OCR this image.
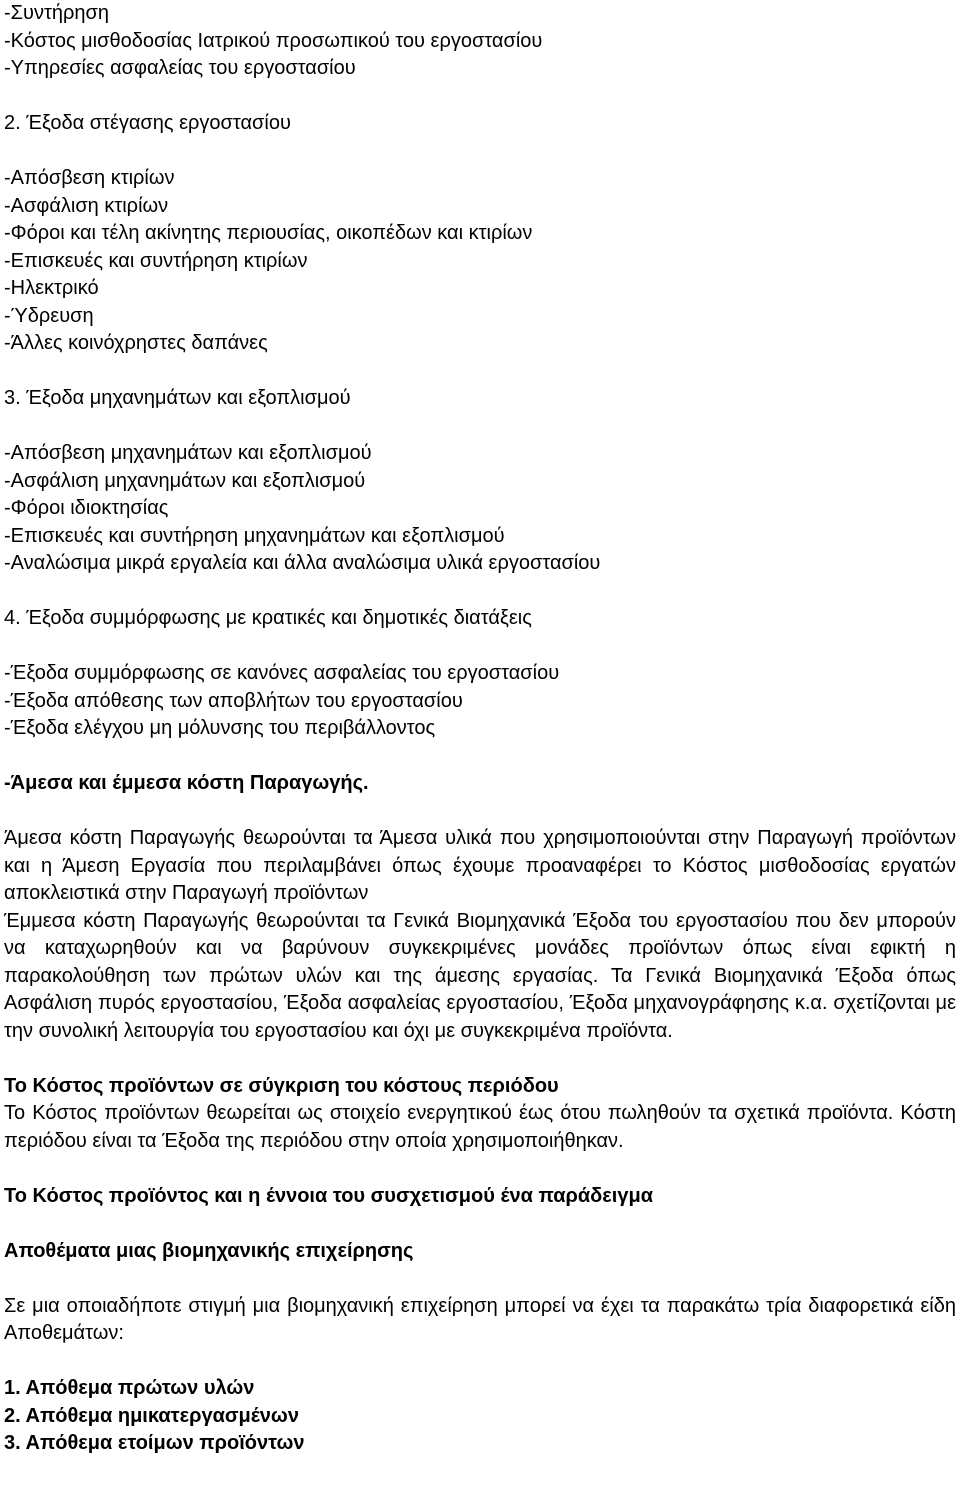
-Συντήρηση
-Κόστος μισθοδοσίας Ιατρικού προσωπικού του εργοστασίου
-Υπηρεσίες ασφαλείας του εργοστασίου
2. Έξοδα στέγασης εργοστασίου
-Απόσβεση κτιρίων
-Ασφάλιση κτιρίων
-Φόροι και τέλη ακίνητης περιουσίας, οικοπέδων και κτιρίων
-Επισκευές και συντήρηση κτιρίων
-Ηλεκτρικό
-Ύδρευση
-Άλλες κοινόχρηστες δαπάνες
3. Έξοδα μηχανημάτων και εξοπλισμού
-Απόσβεση μηχανημάτων και εξοπλισμού
-Ασφάλιση μηχανημάτων και εξοπλισμού
-Φόροι ιδιοκτησίας
-Επισκευές και συντήρηση μηχανημάτων και εξοπλισμού
-Αναλώσιμα μικρά εργαλεία και άλλα αναλώσιμα υλικά εργοστασίου
4. Έξοδα συμμόρφωσης με κρατικές και δημοτικές διατάξεις
-Έξοδα συμμόρφωσης σε κανόνες ασφαλείας του εργοστασίου
-Έξοδα απόθεσης των αποβλήτων του εργοστασίου
-Έξοδα ελέγχου μη μόλυνσης του περιβάλλοντος
-Άμεσα και έμμεσα κόστη Παραγωγής.

Άμεσα κόστη Παραγωγής θεωρούνται τα Άμεσα υλικά που χρησιμοποιούνται στην Παραγωγή προϊόντων και η Άμεση Εργασία που περιλαμβάνει όπως έχουμε προαναφέρει το Κόστος μισθοδοσίας εργατών αποκλειστικά στην Παραγωγή προϊόντων

Έμμεσα κόστη Παραγωγής θεωρούνται τα Γενικά Βιομηχανικά Έξοδα του εργοστασίου που δεν μπορούν να καταχωρηθούν και να βαρύνουν συγκεκριμένες μονάδες προϊόντων όπως είναι εφικτή η παρακολούθηση των πρώτων υλών και της άμεσης εργασίας. Τα Γενικά Βιομηχανικά Έξοδα όπως Ασφάλιση πυρός εργοστασίου, Έξοδα ασφαλείας εργοστασίου, Έξοδα μηχανογράφησης κ.α. σχετίζονται με την συνολική λειτουργία του εργοστασίου και όχι με συγκεκριμένα προϊόντα.

Το Κόστος προϊόντων σε σύγκριση του κόστους περιόδου

Το Κόστος προϊόντων θεωρείται ως στοιχείο ενεργητικού έως ότου πωληθούν τα σχετικά προϊόντα. Κόστη περιόδου είναι τα Έξοδα της περιόδου στην οποία χρησιμοποιήθηκαν.

Το Κόστος προϊόντος και η έννοια του συσχετισμού ένα παράδειγμα
Αποθέματα μιας βιομηχανικής επιχείρησης

Σε μια οποιαδήποτε στιγμή μια βιομηχανική επιχείρηση μπορεί να έχει τα παρακάτω τρία διαφορετικά είδη Αποθεμάτων:

1. Απόθεμα πρώτων υλών
2. Απόθεμα ημικατεργασμένων
3. Απόθεμα ετοίμων προϊόντων
